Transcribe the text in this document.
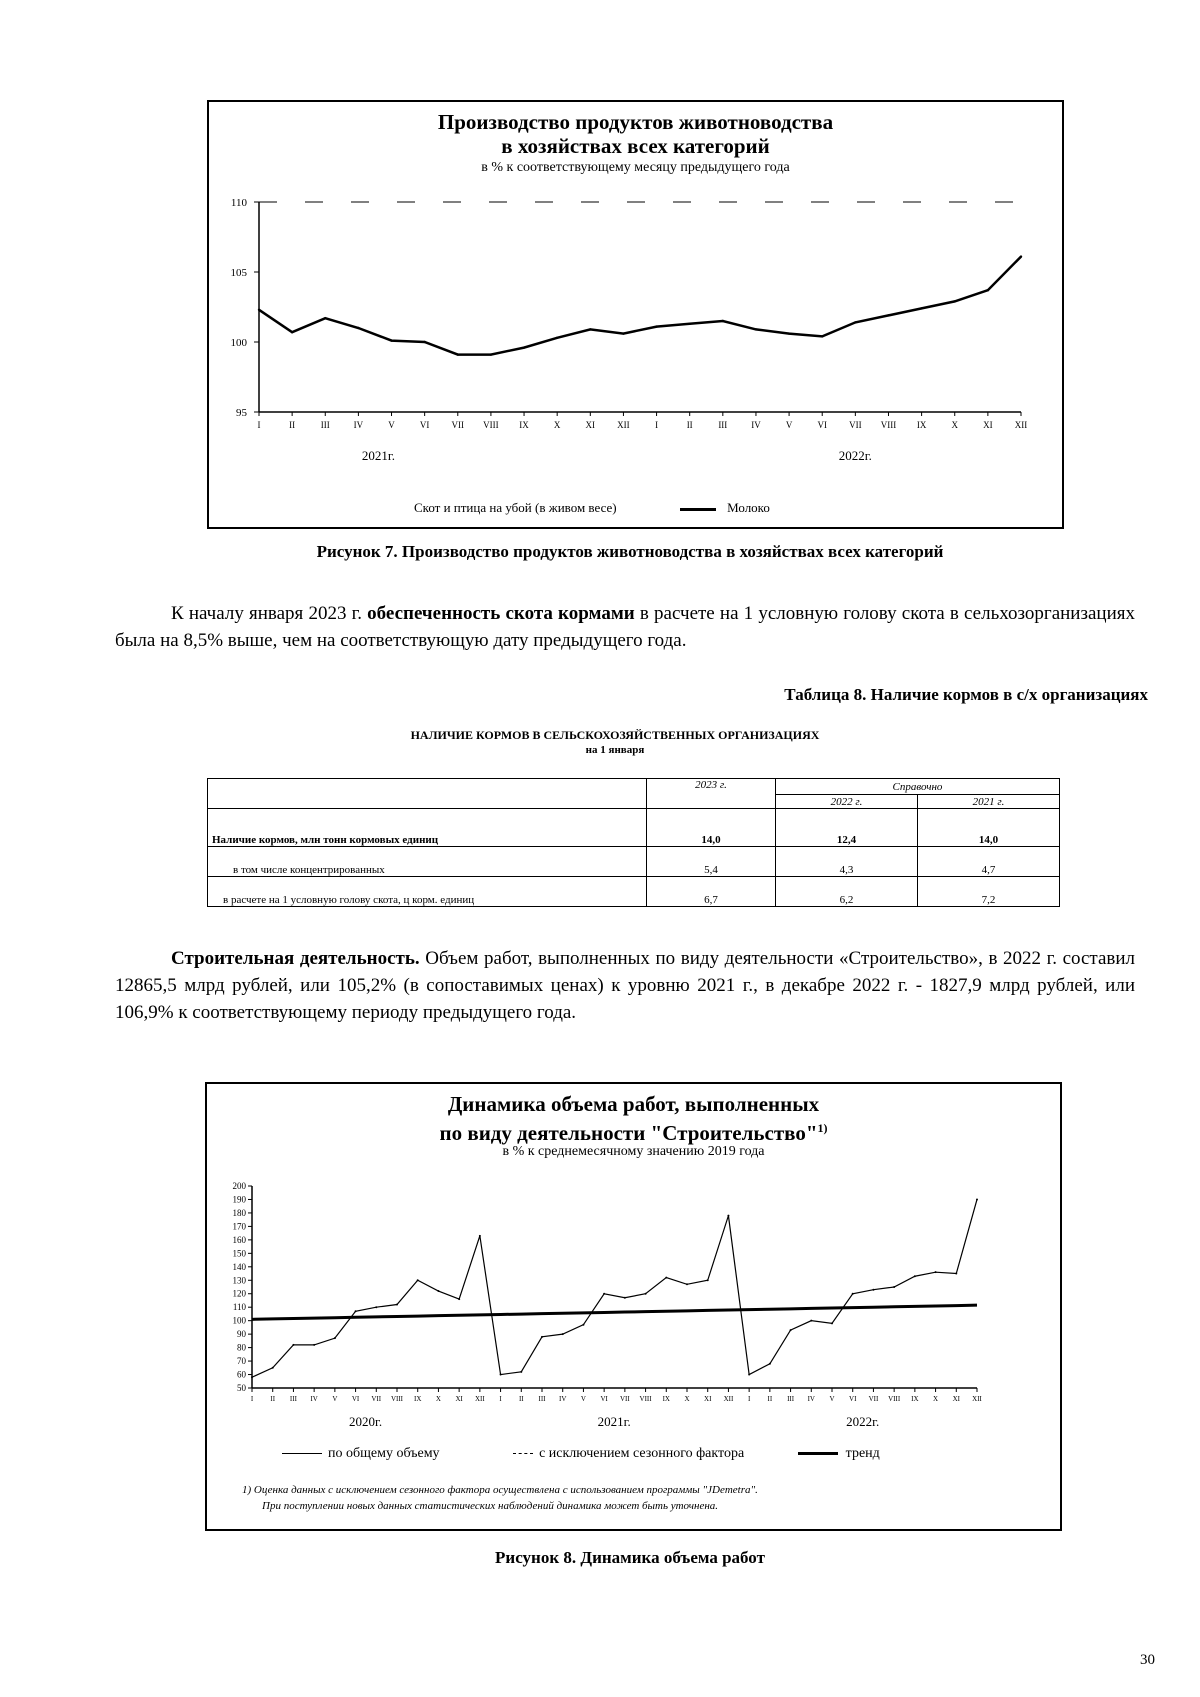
Производство продуктов животноводства
в хозяйствах всех категорий
в % к соответствующему месяцу предыдущего года
95
100
105
110
I	II	III	IV	V	VI VII VIII IX	X	XI XII	I	II	III	IV	V	VI VII VIII IX	X	XI XII
2021г.	2022г.
Скот и птица на убой (в живом весе)	Молоко
Рисунок 7. Производство продуктов животноводства в хозяйствах всех категорий
К началу января 2023 г. обеспеченность скота кормами в расчете на 1 условную голову скота в сельхозорганизациях была на 8,5% выше, чем на соответствующую дату предыдущего года.
Таблица 8. Наличие кормов в с/х организациях
НАЛИЧИЕ КОРМОВ В СЕЛЬСКОХОЗЯЙСТВЕННЫХ ОРГАНИЗАЦИЯХ
на 1 января
	2023 г.	Справочно	
		2022 г.	2021 г.
Наличие кормов, млн тонн кормовых единиц	14,0	12,4	14,0
в том числе концентрированных	5,4	4,3	4,7
в расчете на 1 условную голову скота, ц корм. единиц	6,7	6,2	7,2
Строительная деятельность. Объем работ, выполненных по виду деятельности «Строительство», в 2022 г. составил 12865,5 млрд рублей, или 105,2% (в сопоставимых ценах) к уровню 2021 г., в декабре 2022 г. - 1827,9 млрд рублей, или 106,9% к соответствующему периоду предыдущего года.
Динамика объема работ, выполненных
по виду деятельности "Строительство"$^{1)}$
в % к среднемесячному значению 2019 года
50
60
70
80
90
100
110
120
130
140
150
160
170
180
190
200
I II III IV V VI VII VIII IX X XI XII I II III IV V VI VII VIII IX X XI XII I II III IV V VI VII VIII IX X XI XII
2020г.	2021г.	2022г.
по общему объему	с исключением сезонного фактора	тренд
1) Оценка данных с исключением сезонного фактора осуществлена с использованием программы "JDemetra".
При поступлении новых данных статистических наблюдений динамика может быть уточнена.
Рисунок 8. Динамика объема работ
30
